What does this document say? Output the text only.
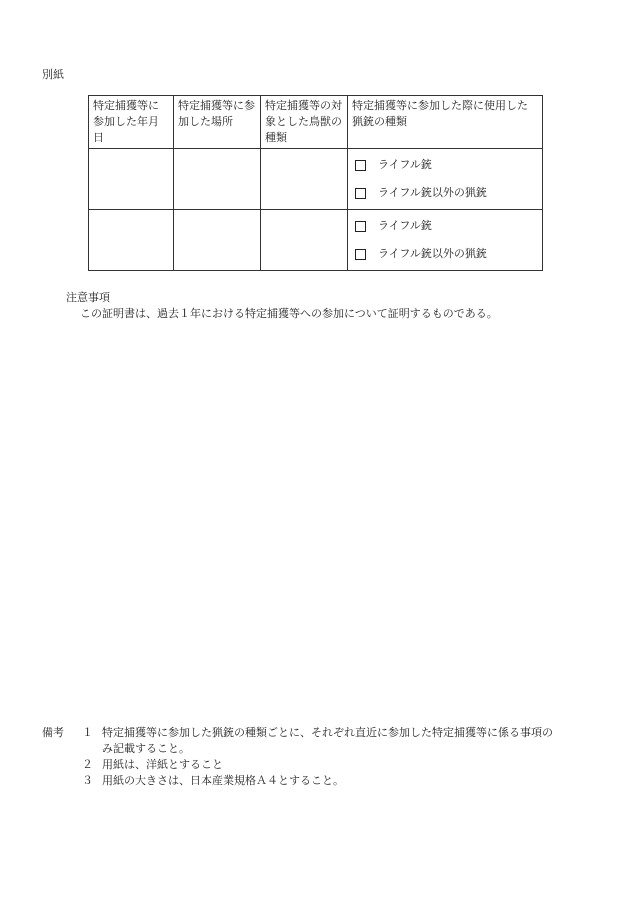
別紙
特定捕獲等に参加した年月日	特定捕獲等に参加した場所	特定捕獲等の対象とした鳥獣の種類	特定捕獲等に参加した際に使用した猟銃の種類

			ライフル銃
ライフル銃以外の猟銃

			ライフル銃
ライフル銃以外の猟銃
注意事項
この証明書は、過去１年における特定捕獲等への参加について証明するものである。
備考	１ 特定捕獲等に参加した猟銃の種類ごとに、それぞれ直近に参加した特定捕獲等に係る事項の
み記載すること。
２ 用紙は、洋紙とすること
３ 用紙の大きさは、日本産業規格Ａ４とすること。
